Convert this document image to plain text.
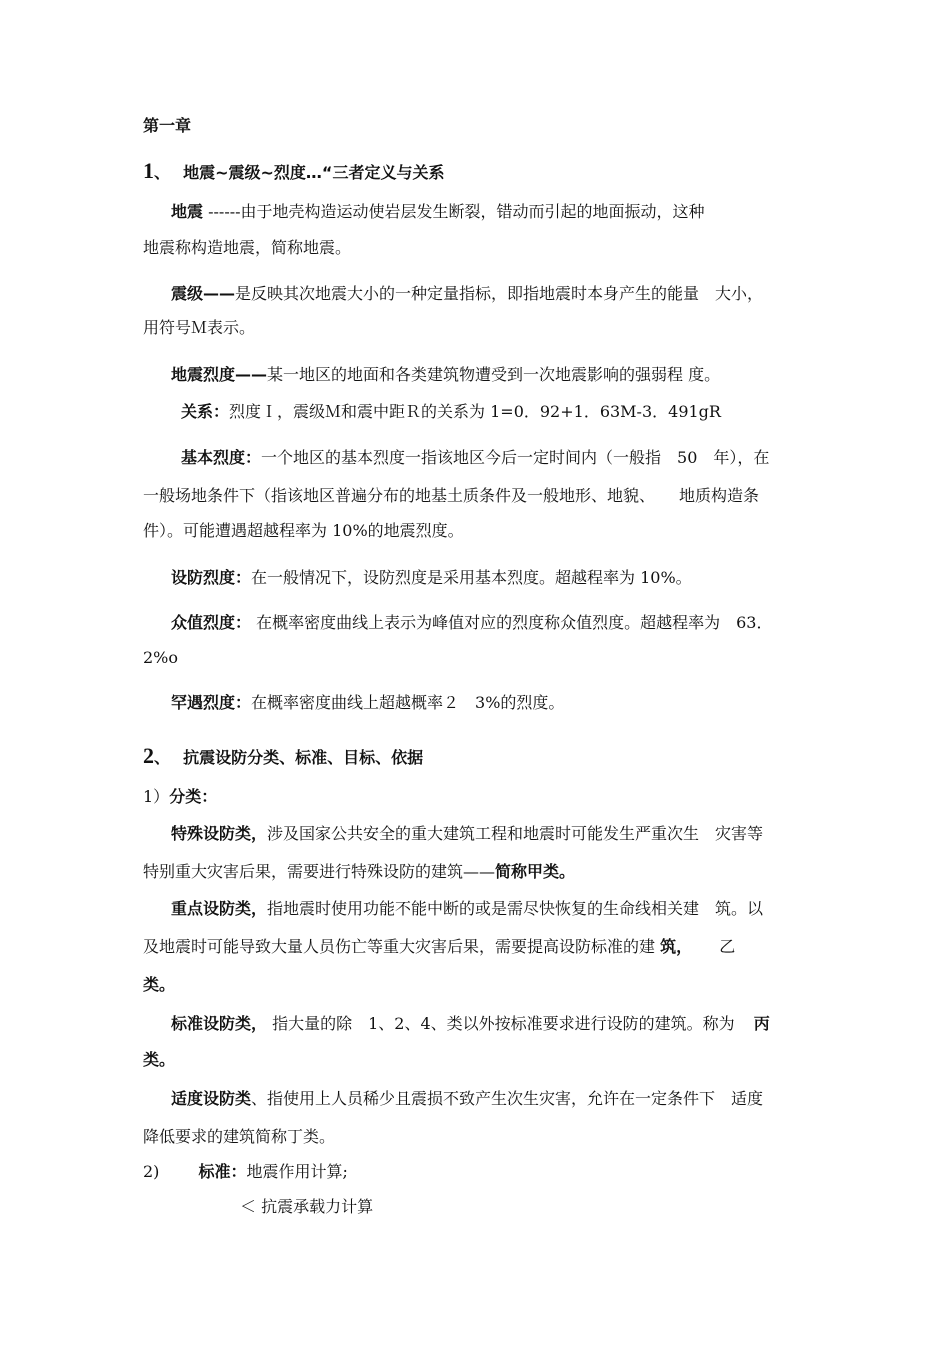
第一章
1、 地震~震级~烈度…“三者定义与关系
地震 ------由于地壳构造运动使岩层发生断裂，错动而引起的地面振动，这种
地震称构造地震，简称地震。
震级——是反映其次地震大小的一种定量指标，即指地震时本身产生的能量　大小，
用符号Ｍ表示。
地震烈度——某一地区的地面和各类建筑物遭受到一次地震影响的强弱程 度。
关系：烈度Ｉ，震级Ｍ和震中距Ｒ的关系为 1=0．92+1．63M-3．491gR
基本烈度：一个地区的基本烈度一指该地区今后一定时间内（一般指　50　年），在
一般场地条件下（指该地区普遍分布的地基土质条件及一般地形、地貌、　　地质构造条
件）。可能遭遇超越程率为 10%的地震烈度。
设防烈度：在一般情况下，设防烈度是采用基本烈度。超越程率为 10%。
众值烈度： 在概率密度曲线上表示为峰值对应的烈度称众值烈度。超越程率为　63．
2%o
罕遇烈度：在概率密度曲线上超越概率２　3%的烈度。
2、 抗震设防分类、标准、目标、依据
1）分类：
特殊设防类，涉及国家公共安全的重大建筑工程和地震时可能发生严重次生　灾害等
特别重大灾害后果，需要进行特殊设防的建筑——简称甲类。
重点设防类，指地震时使用功能不能中断的或是需尽快恢复的生命线相关建　筑。以
及地震时可能导致大量人员伤亡等重大灾害后果，需要提高设防标准的建 筑， 乙
类。
标准设防类， 指大量的除　1、2、4、类以外按标准要求进行设防的建筑。称为 丙
类。
适度设防类、指使用上人员稀少且震损不致产生次生灾害，允许在一定条件下　适度
降低要求的建筑简称丁类。
2) 标准：地震作用计算;
＜ 抗震承载力计算
